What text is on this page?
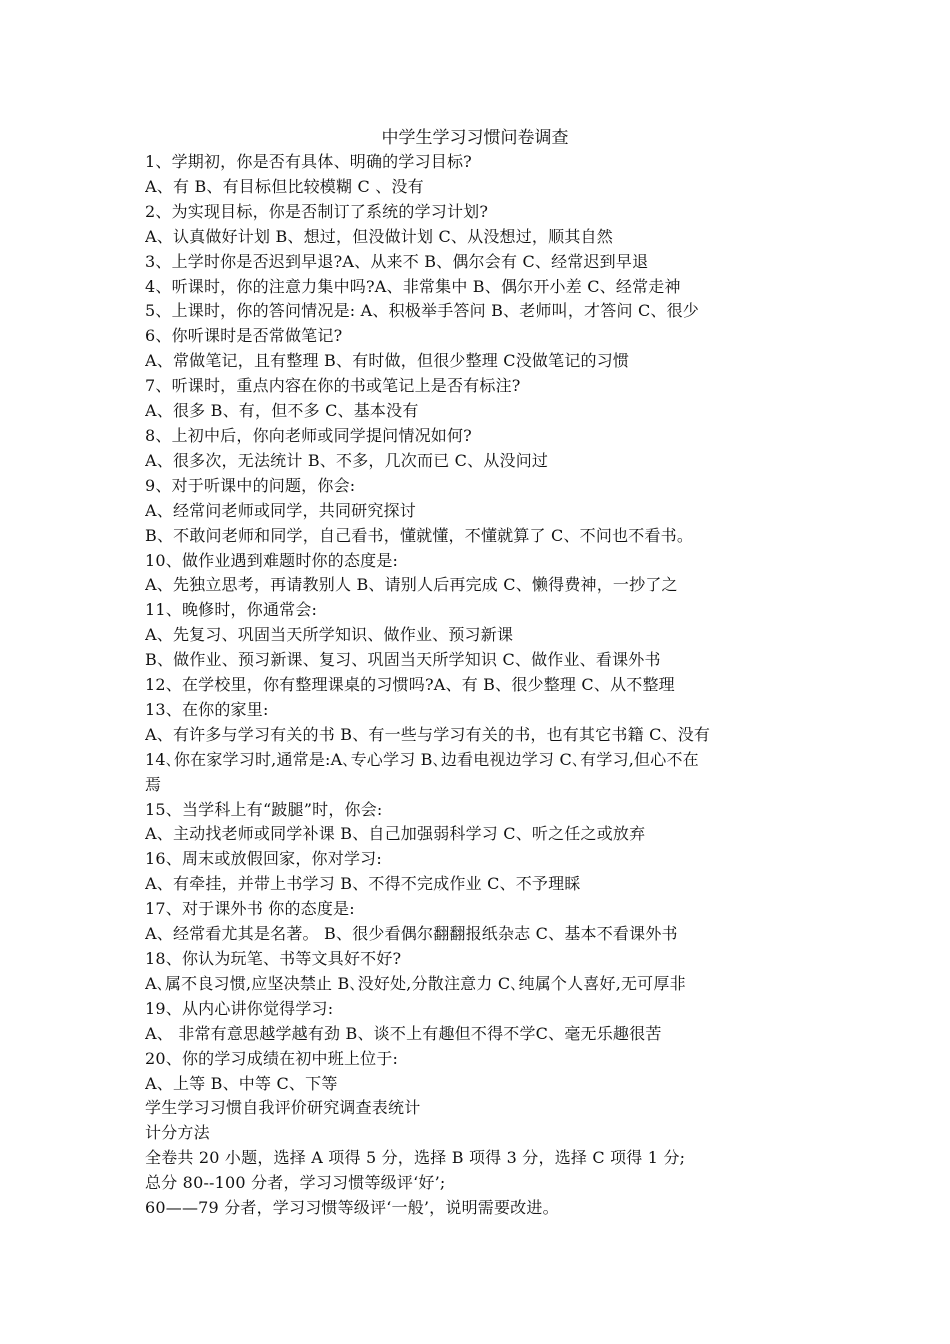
中学生学习习惯问卷调查
1、学期初，你是否有具体、明确的学习目标?
A、有 B、有目标但比较模糊 C 、没有
2、为实现目标，你是否制订了系统的学习计划?
A、认真做好计划 B、想过，但没做计划 C、从没想过，顺其自然
3、上学时你是否迟到早退?A、从来不 B、偶尔会有 C、经常迟到早退
4、听课时，你的注意力集中吗?A、非常集中 B、偶尔开小差 C、经常走神
5、上课时，你的答问情况是: A、积极举手答问 B、老师叫，才答问 C、很少
6、你听课时是否常做笔记?
A、常做笔记，且有整理 B、有时做，但很少整理 C没做笔记的习惯
7、听课时，重点内容在你的书或笔记上是否有标注?
A、很多 B、有，但不多 C、基本没有
8、上初中后，你向老师或同学提问情况如何?
A、很多次，无法统计 B、不多，几次而已 C、从没问过
9、对于听课中的问题，你会:
A、经常问老师或同学，共同研究探讨
B、不敢问老师和同学，自己看书，懂就懂，不懂就算了 C、不问也不看书。
10、做作业遇到难题时你的态度是:
A、先独立思考，再请教别人 B、请别人后再完成 C、懒得费神，一抄了之
11、晚修时，你通常会:
A、先复习、巩固当天所学知识、做作业、预习新课
B、做作业、预习新课、复习、巩固当天所学知识 C、做作业、看课外书
12、在学校里，你有整理课桌的习惯吗?A、有 B、很少整理 C、从不整理
13、在你的家里:
A、有许多与学习有关的书 B、有一些与学习有关的书，也有其它书籍 C、没有
14､你在家学习时,通常是:A､专心学习 B､边看电视边学习 C､有学习,但心不在
焉
15、当学科上有“跛腿”时，你会:
A、主动找老师或同学补课 B、自己加强弱科学习 C、听之任之或放弃
16、周末或放假回家，你对学习:
A、有牵挂，并带上书学习 B、不得不完成作业 C、不予理睬
17、对于课外书 你的态度是:
A、经常看尤其是名著。 B、很少看偶尔翻翻报纸杂志 C、基本不看课外书
18、你认为玩笔、书等文具好不好?
A､属不良习惯,应坚决禁止 B､没好处,分散注意力 C､纯属个人喜好,无可厚非
19、从内心讲你觉得学习:
A、 非常有意思越学越有劲 B、谈不上有趣但不得不学C、毫无乐趣很苦
20、你的学习成绩在初中班上位于:
A、上等 B、中等 C、下等
学生学习习惯自我评价研究调查表统计
计分方法
全卷共 20 小题，选择 A 项得 5 分，选择 B 项得 3 分，选择 C 项得 1 分;
总分 80--100 分者，学习习惯等级评‘好’;
60——79 分者，学习习惯等级评‘一般’，说明需要改进。
